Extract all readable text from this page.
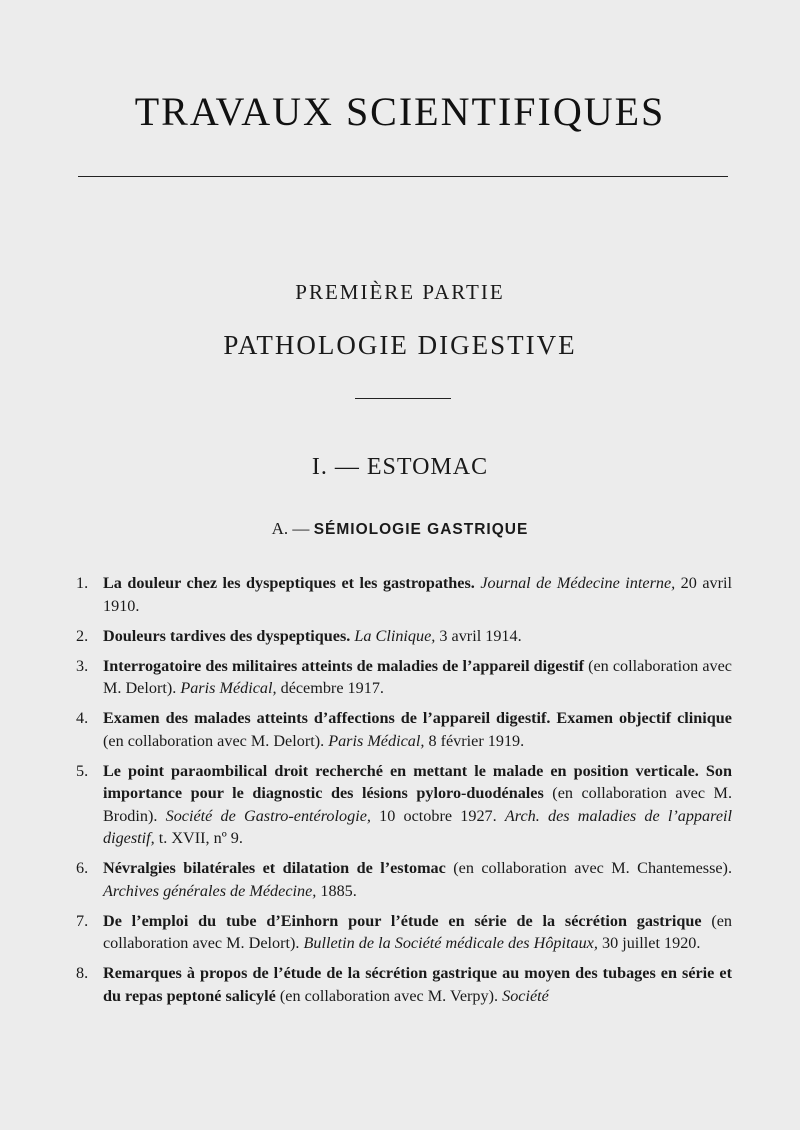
TRAVAUX SCIENTIFIQUES
PREMIÈRE PARTIE
PATHOLOGIE DIGESTIVE
I. — ESTOMAC
A. — SÉMIOLOGIE GASTRIQUE
1. La douleur chez les dyspeptiques et les gastropathes. Journal de Médecine interne, 20 avril 1910.
2. Douleurs tardives des dyspeptiques. La Clinique, 3 avril 1914.
3. Interrogatoire des militaires atteints de maladies de l’appareil digestif (en collaboration avec M. Delort). Paris Médical, décembre 1917.
4. Examen des malades atteints d’affections de l’appareil digestif. Examen objectif clinique (en collaboration avec M. Delort). Paris Médical, 8 février 1919.
5. Le point paraombilical droit recherché en mettant le malade en position verticale. Son importance pour le diagnostic des lésions pyloro-duodénales (en collaboration avec M. Brodin). Société de Gastro-entérologie, 10 octobre 1927. Arch. des maladies de l’appareil digestif, t. XVII, nº 9.
6. Névralgies bilatérales et dilatation de l’estomac (en collaboration avec M. Chantemesse). Archives générales de Médecine, 1885.
7. De l’emploi du tube d’Einhorn pour l’étude en série de la sécrétion gastrique (en collaboration avec M. Delort). Bulletin de la Société médicale des Hôpitaux, 30 juillet 1920.
8. Remarques à propos de l’étude de la sécrétion gastrique au moyen des tubages en série et du repas peptoné salicylé (en collaboration avec M. Verpy). Société
